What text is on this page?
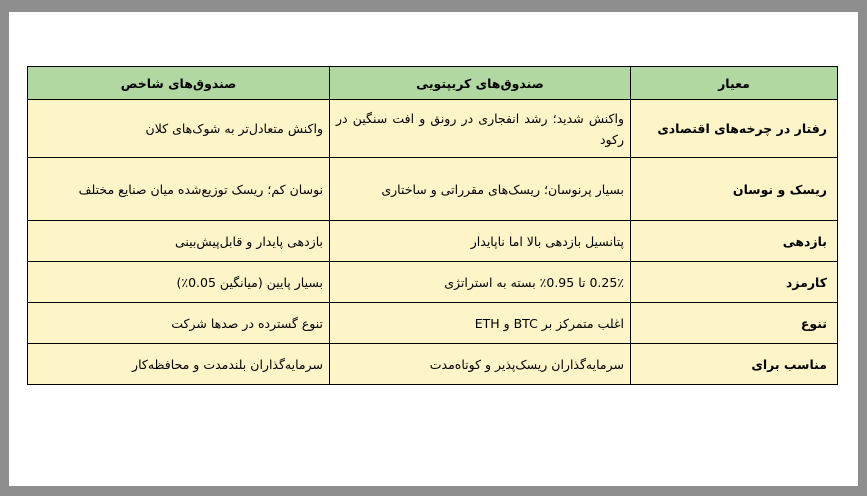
معیار	صندوق‌های کریپتویی	صندوق‌های شاخص
رفتار در چرخه‌های اقتصادی	واکنش شدید؛ رشد انفجاری در رونق و افت سنگین در رکود	واکنش متعادل‌تر به شوک‌های کلان
ریسک و نوسان	بسیار پرنوسان؛ ریسک‌های مقرراتی و ساختاری	نوسان کم؛ ریسک توزیع‌شده میان صنایع مختلف
بازدهی	پتانسیل بازدهی بالا اما ناپایدار	بازدهی پایدار و قابل‌پیش‌بینی
کارمزد	0.25٪ تا 0.95٪ بسته به استراتژی	بسیار پایین (میانگین 0.05٪)
تنوع	اغلب متمرکز بر BTC و ETH	تنوع گسترده در صدها شرکت
مناسب برای	سرمایه‌گذاران ریسک‌پذیر و کوتاه‌مدت	سرمایه‌گذاران بلندمدت و محافظه‌کار
